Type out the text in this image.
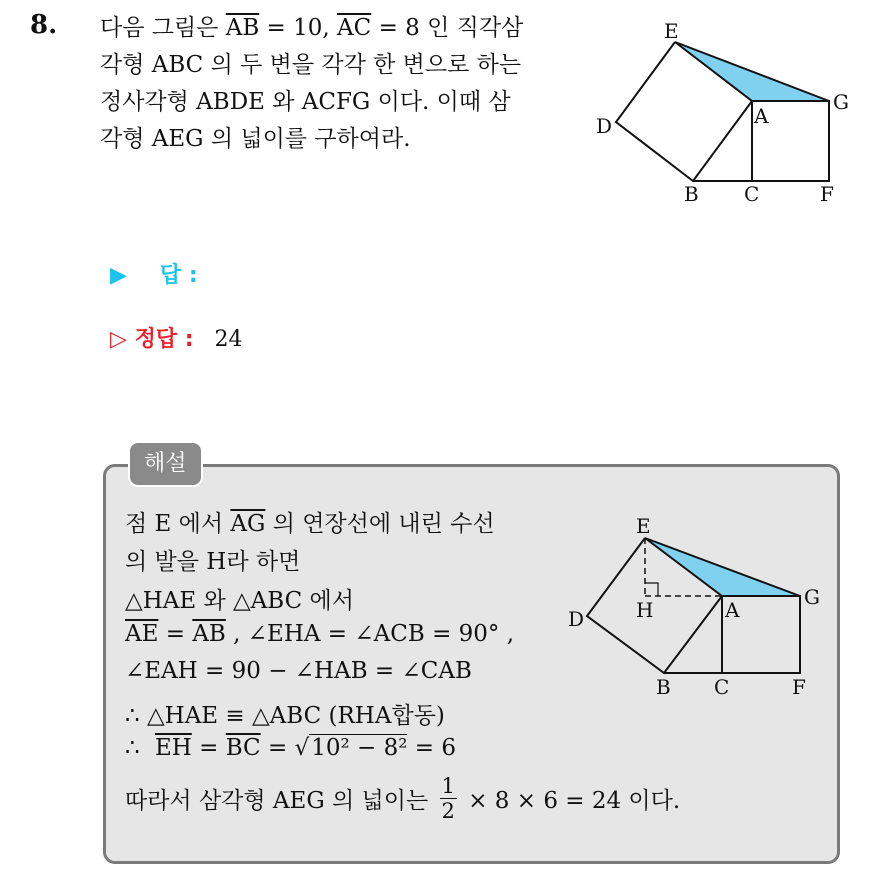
8. 다음 그림은 $\overline{AB} = 10$, $\overline{AC} = 8$ 인 직각삼
각형 ABC 의 두 변을 각각 한 변으로 하는
정사각형 ABDE 와 ACFG 이다. 이때 삼
각형 AEG 의 넓이를 구하여라.
E
D	A
G
B C	F
▶ 답 :
▷ 정답 : 24
해설
점 E 에서 $\overline{AG}$ 의 연장선에 내린 수선
의 발을 H라 하면
△HAE 와 △ABC 에서
$\overline{AE} = \overline{AB}$ , ∠EHA = ∠ACB = 90° ,
∠EAH = 90 − ∠HAB = ∠CAB
∴ △HAE ≡ △ABC (RHA합동)
∴ $\overline{EH} = \overline{BC} = √10^2 - 8^2 = 6$
따라서 삼각형 AEG 의 넓이는 $\frac{1}{2} \times 8 \times 6 = 24$ 이다.
E
H
D	A
G
B C	F
